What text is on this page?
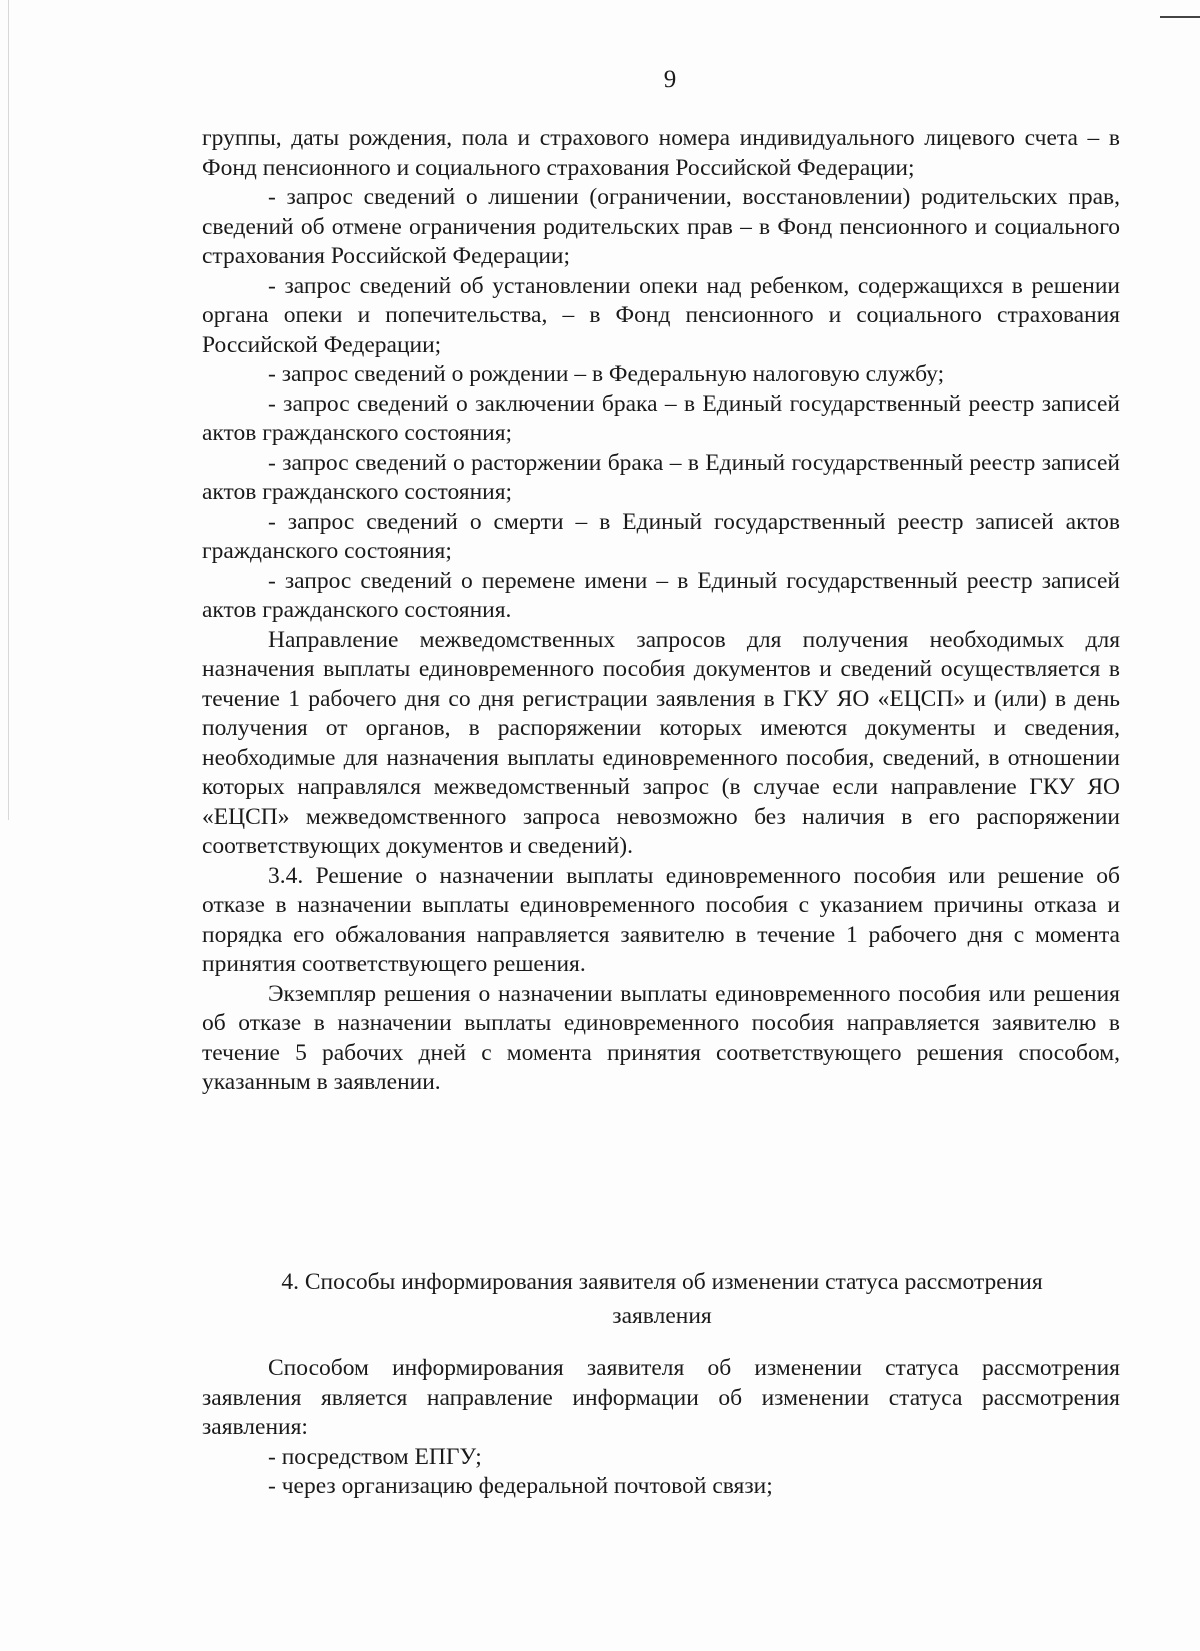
9

группы, даты рождения, пола и страхового номера индивидуального лицевого счета – в Фонд пенсионного и социального страхования Российской Федерации;

- запрос сведений о лишении (ограничении, восстановлении) родительских прав, сведений об отмене ограничения родительских прав – в Фонд пенсионного и социального страхования Российской Федерации;

- запрос сведений об установлении опеки над ребенком, содержащихся в решении органа опеки и попечительства, – в Фонд пенсионного и социального страхования Российской Федерации;

- запрос сведений о рождении – в Федеральную налоговую службу;

- запрос сведений о заключении брака – в Единый государственный реестр записей актов гражданского состояния;

- запрос сведений о расторжении брака – в Единый государственный реестр записей актов гражданского состояния;

- запрос сведений о смерти – в Единый государственный реестр записей актов гражданского состояния;

- запрос сведений о перемене имени – в Единый государственный реестр записей актов гражданского состояния.

Направление межведомственных запросов для получения необходимых для назначения выплаты единовременного пособия документов и сведений осуществляется в течение 1 рабочего дня со дня регистрации заявления в ГКУ ЯО «ЕЦСП» и (или) в день получения от органов, в распоряжении которых имеются документы и сведения, необходимые для назначения выплаты единовременного пособия, сведений, в отношении которых направлялся межведомственный запрос (в случае если направление ГКУ ЯО «ЕЦСП» межведомственного запроса невозможно без наличия в его распоряжении соответствующих документов и сведений).

3.4. Решение о назначении выплаты единовременного пособия или решение об отказе в назначении выплаты единовременного пособия с указанием причины отказа и порядка его обжалования направляется заявителю в течение 1 рабочего дня с момента принятия соответствующего решения.

Экземпляр решения о назначении выплаты единовременного пособия или решения об отказе в назначении выплаты единовременного пособия направляется заявителю в течение 5 рабочих дней с момента принятия соответствующего решения способом, указанным в заявлении.

4. Способы информирования заявителя об изменении статуса рассмотрения
заявления

Способом информирования заявителя об изменении статуса рассмотрения заявления является направление информации об изменении статуса рассмотрения заявления:

- посредством ЕПГУ;

- через организацию федеральной почтовой связи;
